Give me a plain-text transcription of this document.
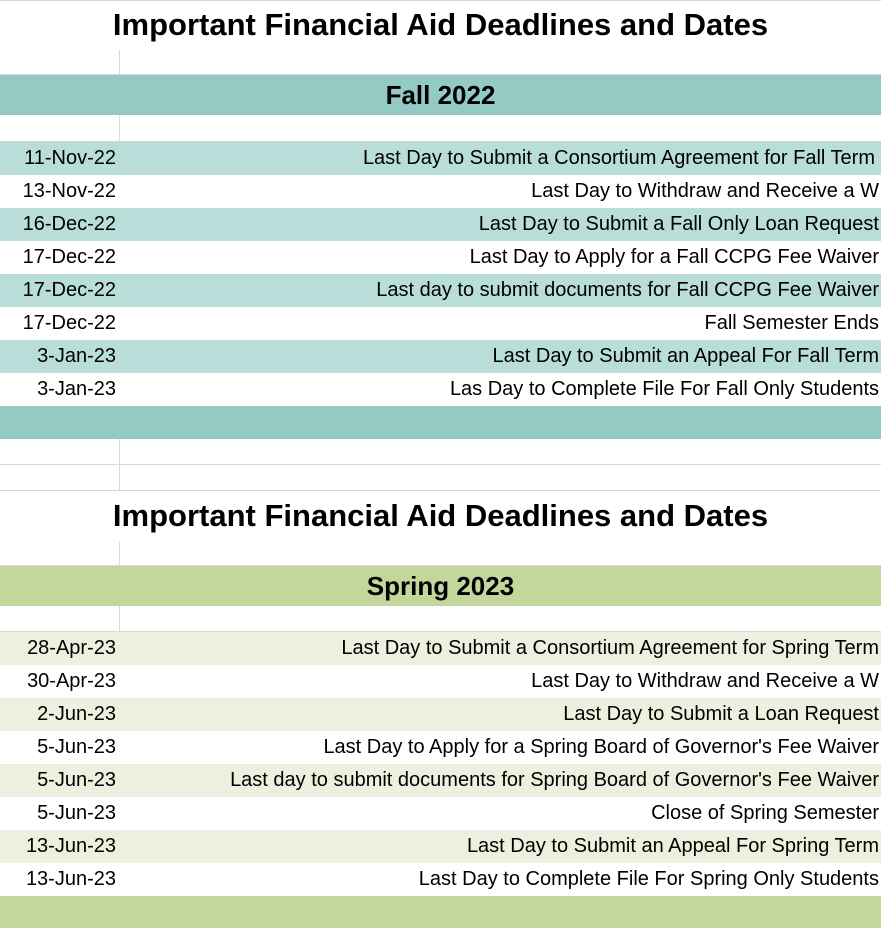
Important Financial Aid Deadlines and Dates
Fall 2022
11-Nov-22	Last Day to Submit a Consortium Agreement for Fall Term
13-Nov-22	Last Day to Withdraw and Receive a W
16-Dec-22	Last Day to Submit a Fall Only Loan Request
17-Dec-22	Last Day to Apply for a Fall CCPG Fee Waiver
17-Dec-22	Last day to submit documents for Fall CCPG Fee Waiver
17-Dec-22	Fall Semester Ends
3-Jan-23	Last Day to Submit an Appeal For Fall Term
3-Jan-23	Las Day to Complete File For Fall Only Students
Important Financial Aid Deadlines and Dates
Spring 2023
28-Apr-23	Last Day to Submit a Consortium Agreement for Spring Term
30-Apr-23	Last Day to Withdraw and Receive a W
2-Jun-23	Last Day to Submit a Loan Request
5-Jun-23	Last Day to Apply for a Spring Board of Governor's Fee Waiver
5-Jun-23	Last day to submit documents for Spring Board of Governor's Fee Waiver
5-Jun-23	Close of Spring Semester
13-Jun-23	Last Day to Submit an Appeal For Spring Term
13-Jun-23	Last Day to Complete File For Spring Only Students
